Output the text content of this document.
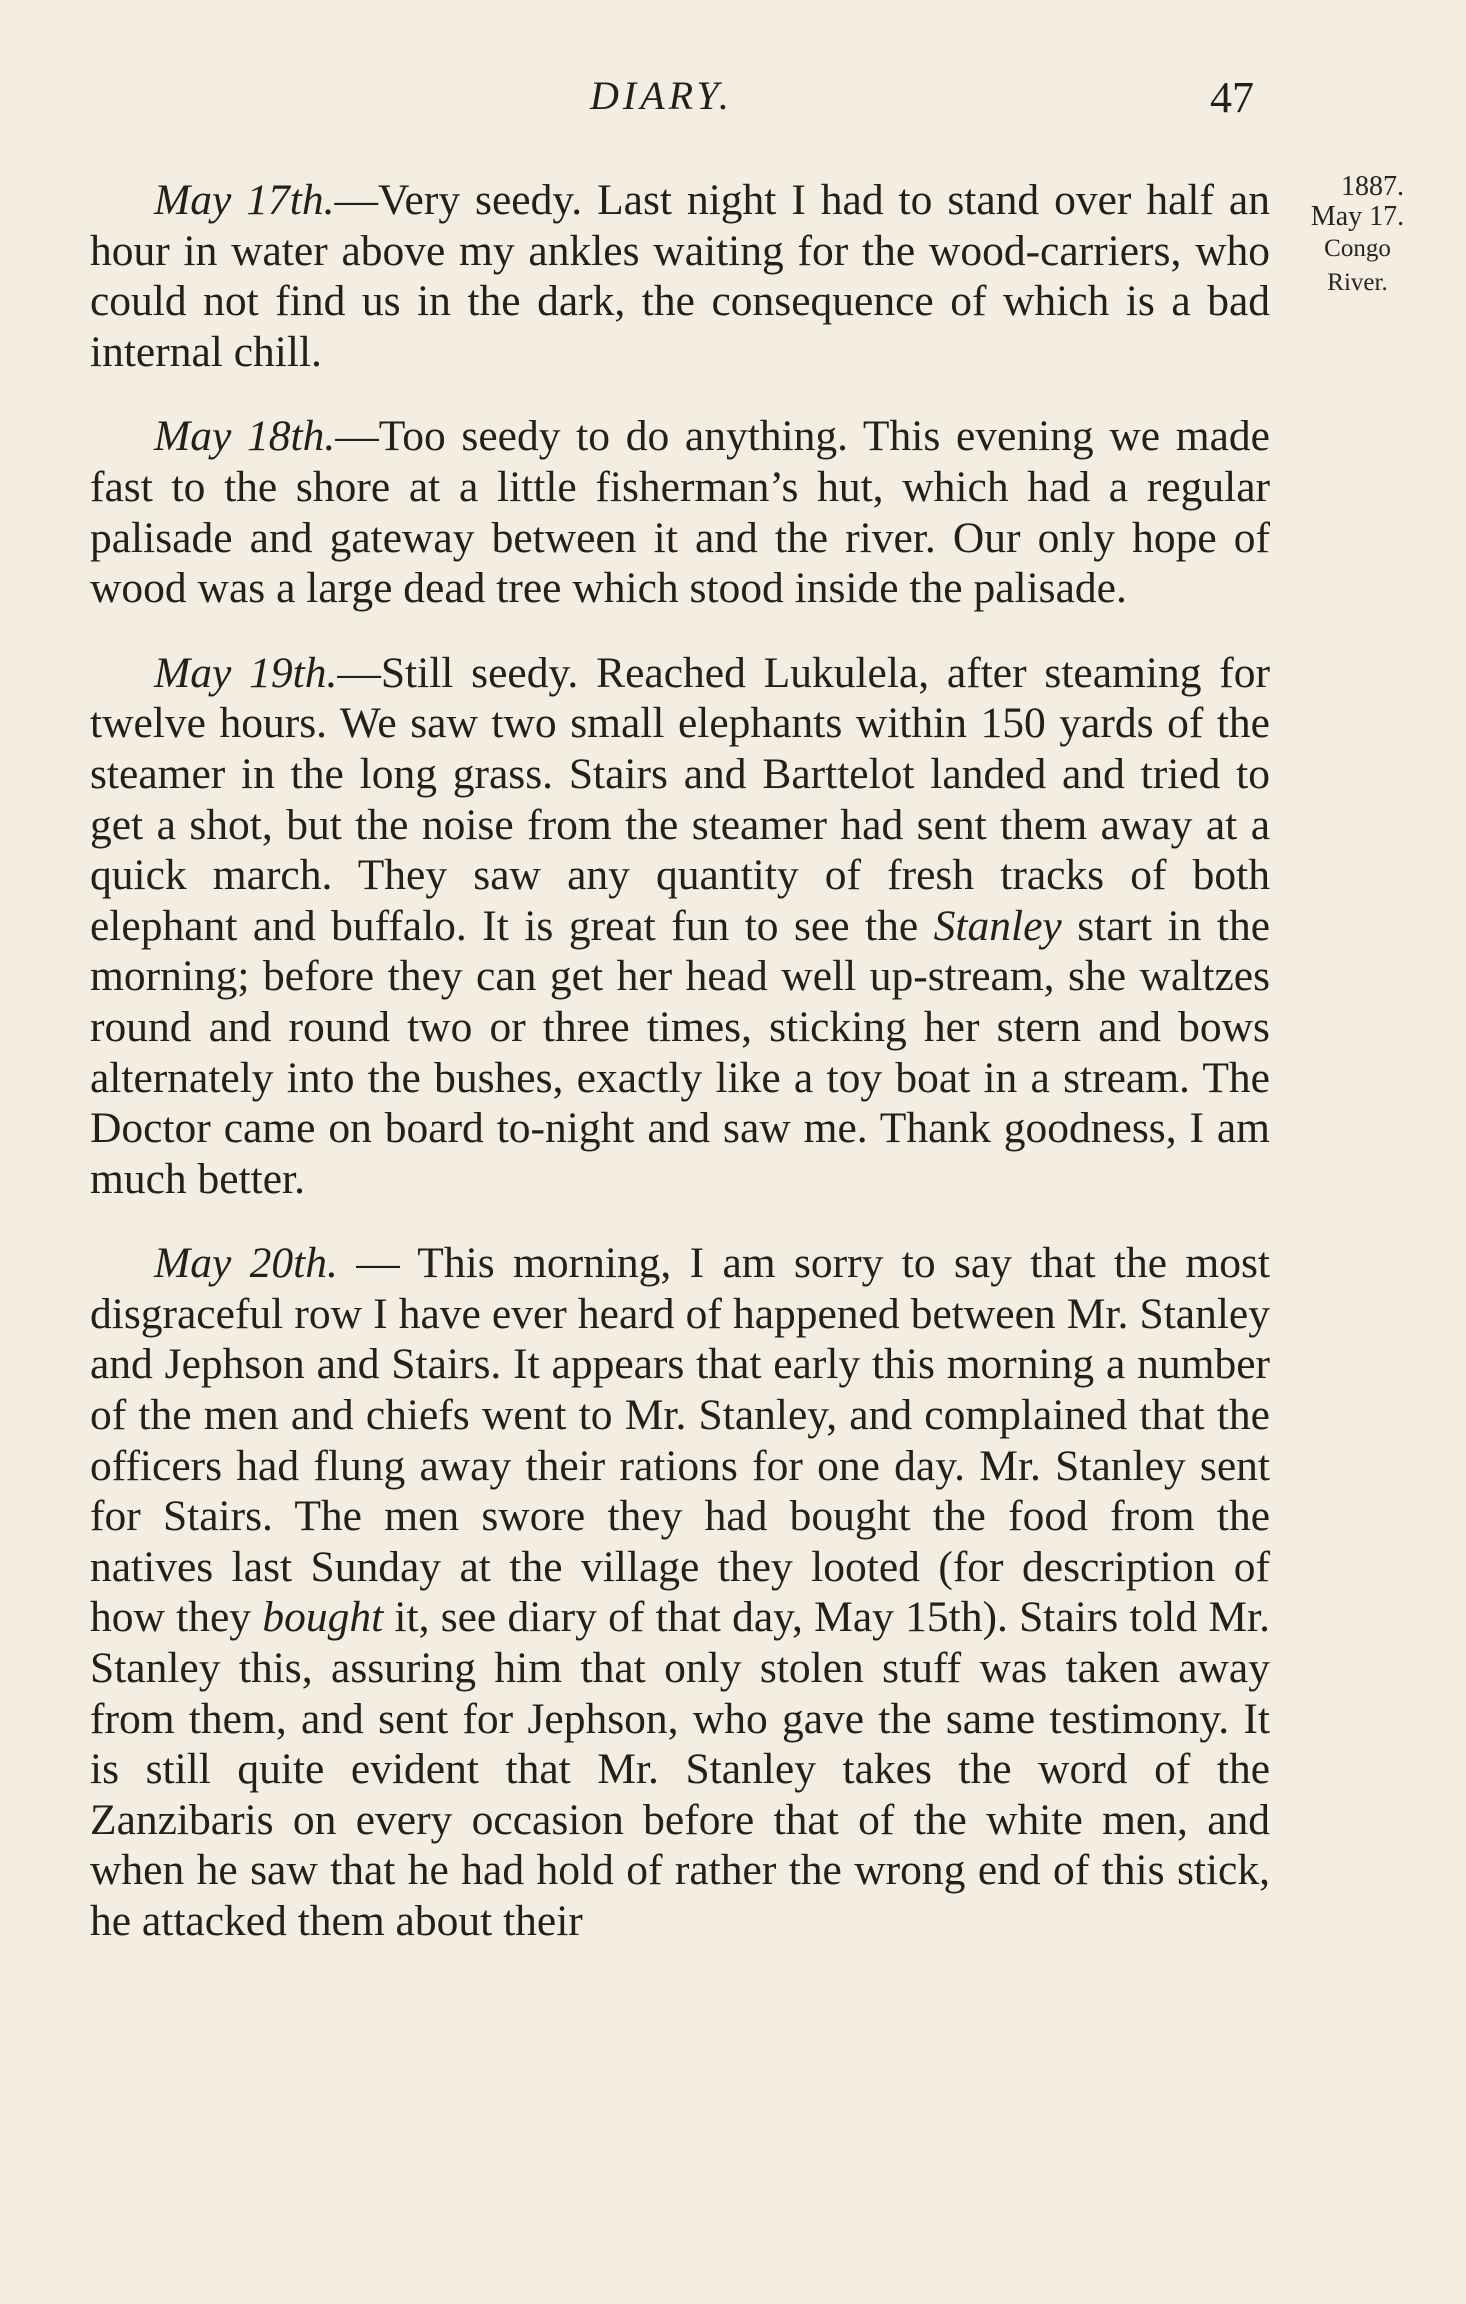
DIARY.	47
1887.
May 17.
Congo
River.

May 17th.—Very seedy. Last night I had to stand over half an hour in water above my ankles waiting for the wood-carriers, who could not find us in the dark, the consequence of which is a bad internal chill.

May 18th.—Too seedy to do anything. This evening we made fast to the shore at a little fisherman’s hut, which had a regular palisade and gateway between it and the river. Our only hope of wood was a large dead tree which stood inside the palisade.

May 19th.—Still seedy. Reached Lukulela, after steaming for twelve hours. We saw two small elephants within 150 yards of the steamer in the long grass. Stairs and Barttelot landed and tried to get a shot, but the noise from the steamer had sent them away at a quick march. They saw any quantity of fresh tracks of both elephant and buffalo. It is great fun to see the Stanley start in the morning; before they can get her head well up-stream, she waltzes round and round two or three times, sticking her stern and bows alternately into the bushes, exactly like a toy boat in a stream. The Doctor came on board to-night and saw me. Thank goodness, I am much better.

May 20th. — This morning, I am sorry to say that the most disgraceful row I have ever heard of happened between Mr. Stanley and Jephson and Stairs. It appears that early this morning a number of the men and chiefs went to Mr. Stanley, and complained that the officers had flung away their rations for one day. Mr. Stanley sent for Stairs. The men swore they had bought the food from the natives last Sunday at the village they looted (for description of how they bought it, see diary of that day, May 15th). Stairs told Mr. Stanley this, assuring him that only stolen stuff was taken away from them, and sent for Jephson, who gave the same testimony. It is still quite evident that Mr. Stanley takes the word of the Zanzibaris on every occasion before that of the white men, and when he saw that he had hold of rather the wrong end of this stick, he attacked them about their
